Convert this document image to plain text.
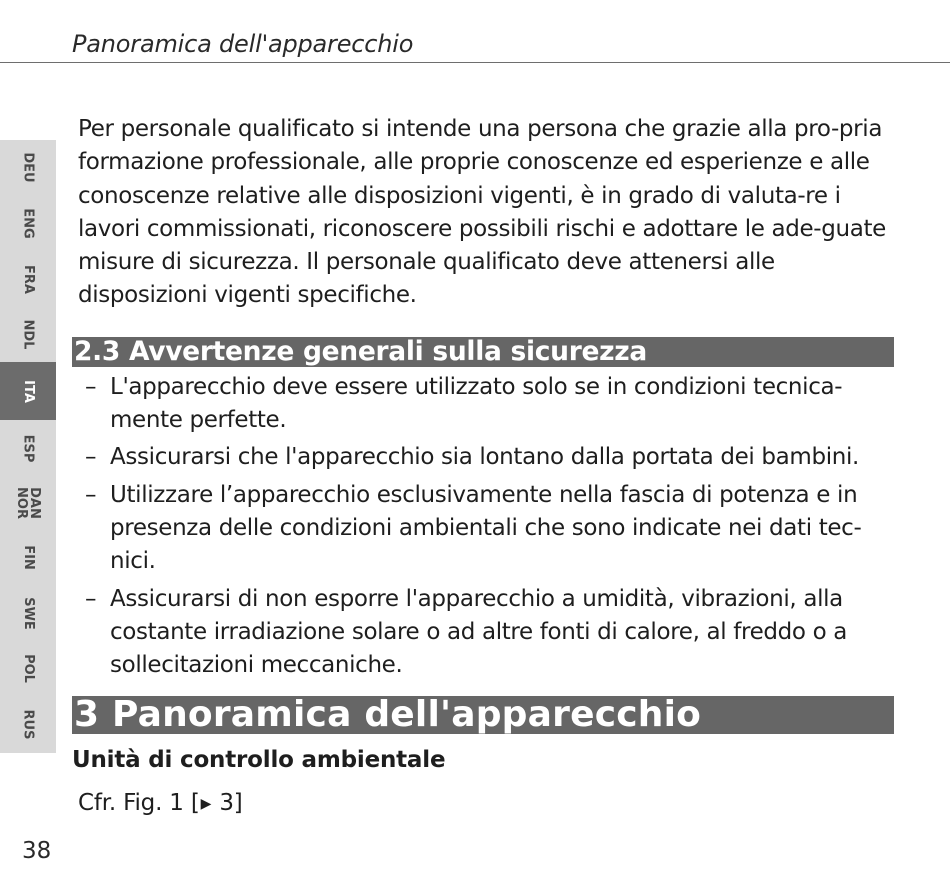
Panoramica dell'apparecchio
DEU
ENG
FRA
NDL
ITA
ESP
DAN
NOR
FIN
SWE
POL
RUS

Per personale qualificato si intende una persona che grazie alla pro-pria formazione professionale, alle proprie conoscenze ed esperienze e alle conoscenze relative alle disposizioni vigenti, è in grado di valuta-re i lavori commissionati, riconoscere possibili rischi e adottare le ade-guate misure di sicurezza. Il personale qualificato deve attenersi alle disposizioni vigenti specifiche.

2.3 Avvertenze generali sulla sicurezza
– L'apparecchio deve essere utilizzato solo se in condizioni tecnica-mente perfette.
– Assicurarsi che l'apparecchio sia lontano dalla portata dei bambini.
– Utilizzare l’apparecchio esclusivamente nella fascia di potenza e in presenza delle condizioni ambientali che sono indicate nei dati tec-nici.
– Assicurarsi di non esporre l'apparecchio a umidità, vibrazioni, alla costante irradiazione solare o ad altre fonti di calore, al freddo o a sollecitazioni meccaniche.
3 Panoramica dell'apparecchio

Unità di controllo ambientale

Cfr. Fig. 1 [▶ 3]

38
